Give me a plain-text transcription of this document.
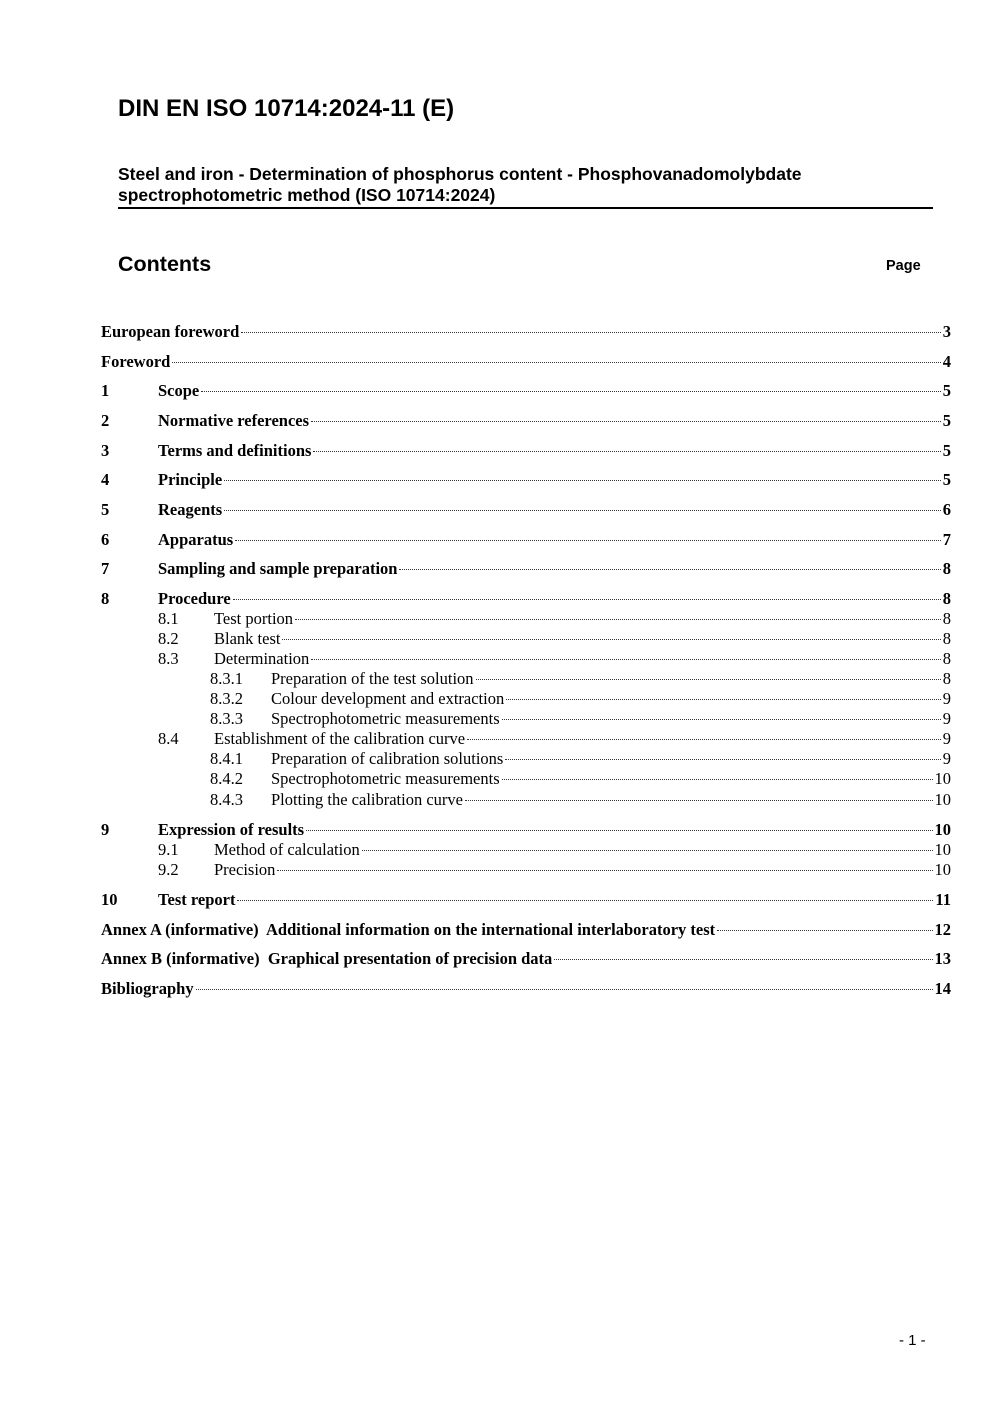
DIN EN ISO 10714:2024-11 (E)
Steel and iron - Determination of phosphorus content - Phosphovanadomolybdate spectrophotometric method (ISO 10714:2024)
Contents	Page
European foreword	3
Foreword	4
1	Scope	5
2	Normative references	5
3	Terms and definitions	5
4	Principle	5
5	Reagents	6
6	Apparatus	7
7	Sampling and sample preparation	8
8	Procedure	8
8.1 Test portion	8
8.2 Blank test	8
8.3 Determination	8
8.3.1 Preparation of the test solution	8
8.3.2 Colour development and extraction	9
8.3.3 Spectrophotometric measurements	9
8.4 Establishment of the calibration curve	9
8.4.1 Preparation of calibration solutions	9
8.4.2 Spectrophotometric measurements	10
8.4.3 Plotting the calibration curve	10
9	Expression of results	10
9.1 Method of calculation	10
9.2 Precision	10
10 Test report	11
Annex A (informative)  Additional information on the international interlaboratory test	12
Annex B (informative)  Graphical presentation of precision data	13
Bibliography	14
- 1 -
